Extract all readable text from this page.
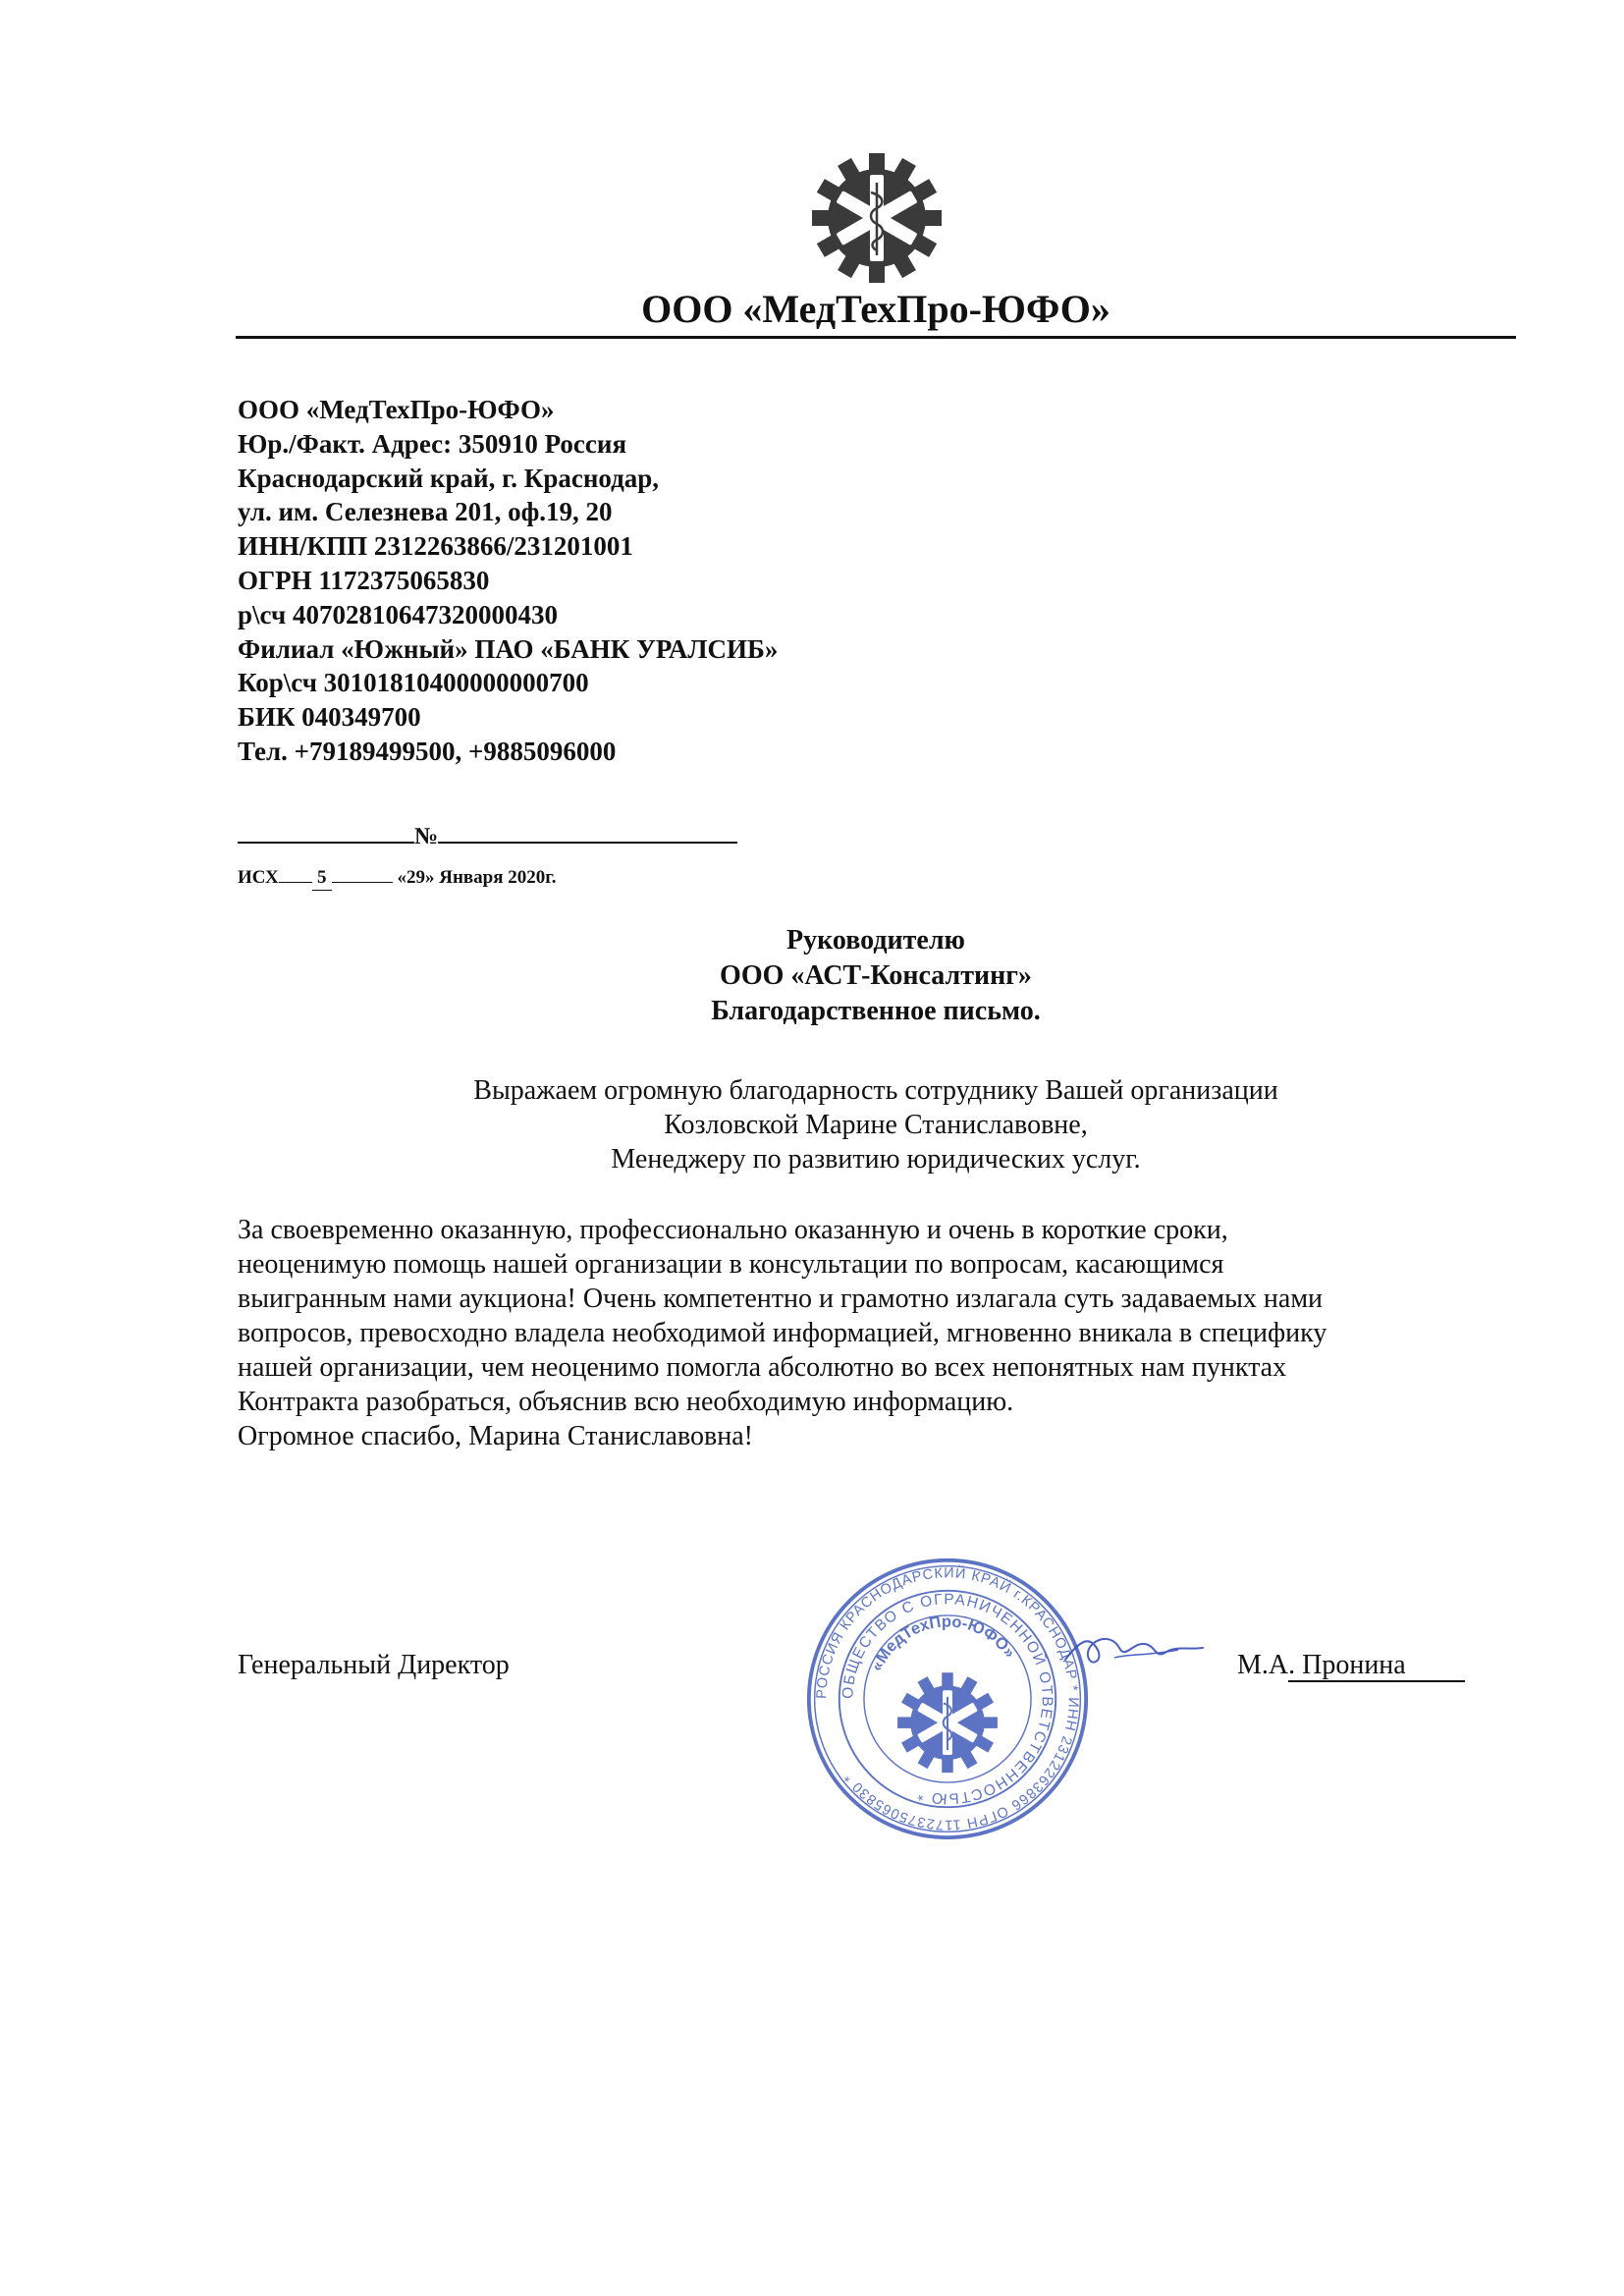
ООО «МедТехПро-ЮФО»
ООО «МедТехПро-ЮФО»
Юр./Факт. Адрес: 350910 Россия
Краснодарский край, г. Краснодар,
ул. им. Селезнева 201, оф.19, 20
ИНН/КПП 2312263866/231201001
ОГРН 1172375065830
р\сч 40702810647320000430
Филиал «Южный» ПАО «БАНК УРАЛСИБ»
Кор\сч 30101810400000000700
БИК 040349700
Тел. +79189499500, +9885096000
№
ИСХ 5	«29» Января 2020г.
Руководителю
ООО «АСТ-Консалтинг»
Благодарственное письмо.
Выражаем огромную благодарность сотруднику Вашей организации
Козловской Марине Станиславовне,
Менеджеру по развитию юридических услуг.
За своевременно оказанную, профессионально оказанную и очень в короткие сроки,
неоценимую помощь нашей организации в консультации по вопросам, касающимся
выигранным нами аукциона! Очень компетентно и грамотно излагала суть задаваемых нами
вопросов, превосходно владела необходимой информацией, мгновенно вникала в специфику
нашей организации, чем неоценимо помогла абсолютно во всех непонятных нам пунктах
Контракта разобраться, объяснив всю необходимую информацию.
Огромное спасибо, Марина Станиславовна!
Генеральный Директор	М.А. Пронина
РОССИЯ КРАСНОДАРСКИЙ КРАЙ г.КРАСНОДАР * ИНН 2312263866 ОГРН 1172375065830 *
ОБЩЕСТВО С ОГРАНИЧЕННОЙ ОТВЕТСТВЕННОСТЬЮ *
«МедТехПро-ЮФО»
